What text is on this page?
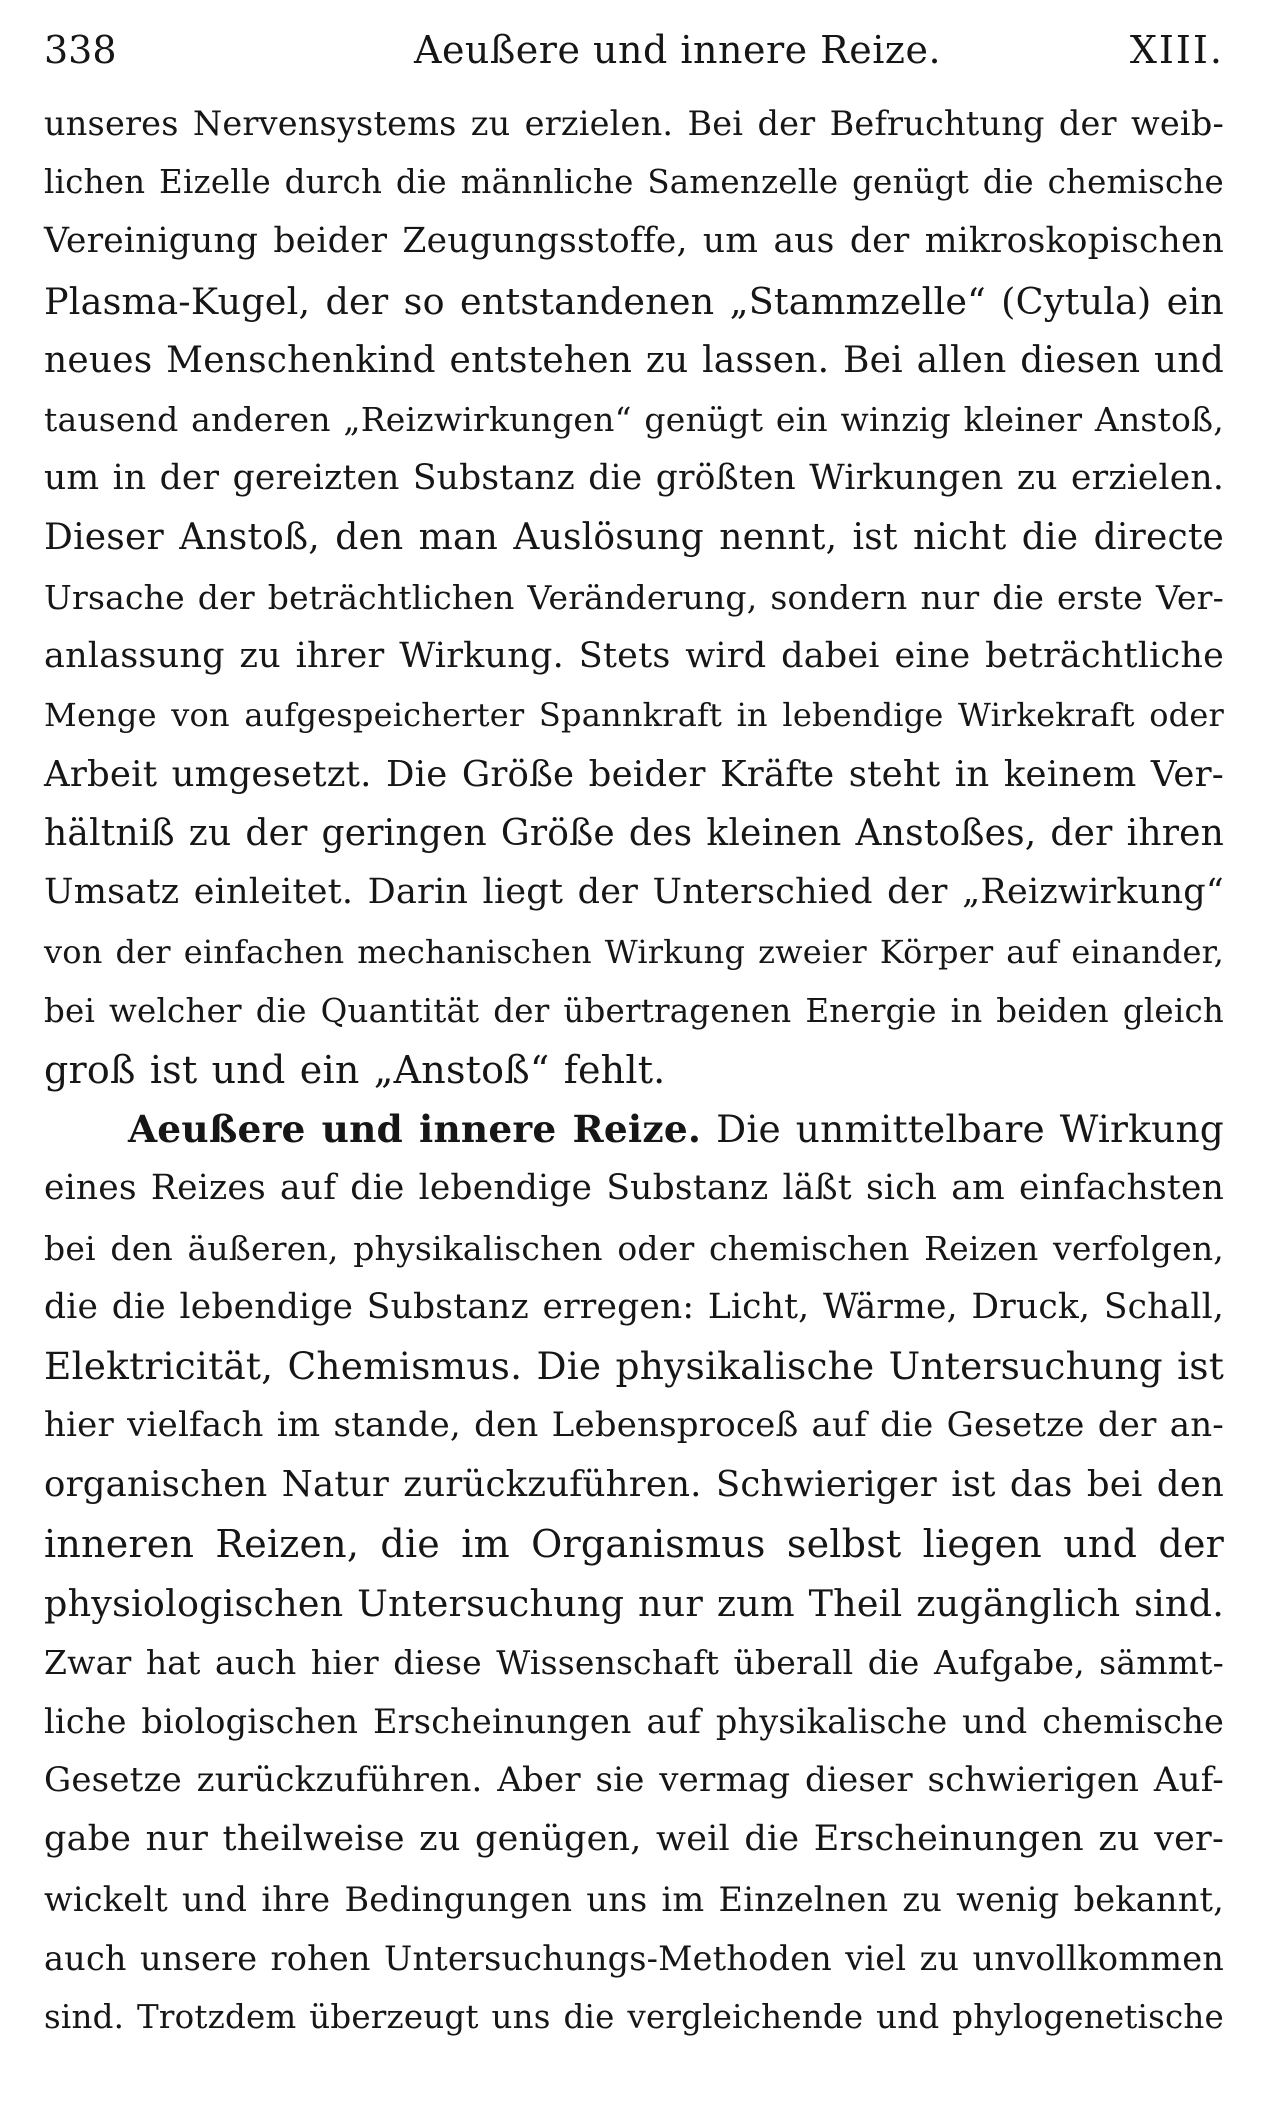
338	Aeußere und innere Reize.	XIII.
unseres Nervensystems zu erzielen. Bei der Befruchtung der weib-
lichen Eizelle durch die männliche Samenzelle genügt die chemische
Vereinigung beider Zeugungsstoffe, um aus der mikroskopischen
Plasma-Kugel, der so entstandenen „Stammzelle“ (Cytula) ein
neues Menschenkind entstehen zu lassen. Bei allen diesen und
tausend anderen „Reizwirkungen“ genügt ein winzig kleiner Anstoß,
um in der gereizten Substanz die größten Wirkungen zu erzielen.
Dieser Anstoß, den man Auslösung nennt, ist nicht die directe
Ursache der beträchtlichen Veränderung, sondern nur die erste Ver-
anlassung zu ihrer Wirkung. Stets wird dabei eine beträchtliche
Menge von aufgespeicherter Spannkraft in lebendige Wirkekraft oder
Arbeit umgesetzt. Die Größe beider Kräfte steht in keinem Ver-
hältniß zu der geringen Größe des kleinen Anstoßes, der ihren
Umsatz einleitet. Darin liegt der Unterschied der „Reizwirkung“
von der einfachen mechanischen Wirkung zweier Körper auf einander,
bei welcher die Quantität der übertragenen Energie in beiden gleich
groß ist und ein „Anstoß“ fehlt.
Aeußere und innere Reize. Die unmittelbare Wirkung
eines Reizes auf die lebendige Substanz läßt sich am einfachsten
bei den äußeren, physikalischen oder chemischen Reizen verfolgen,
die die lebendige Substanz erregen: Licht, Wärme, Druck, Schall,
Elektricität, Chemismus. Die physikalische Untersuchung ist
hier vielfach im stande, den Lebensproceß auf die Gesetze der an-
organischen Natur zurückzuführen. Schwieriger ist das bei den
inneren Reizen, die im Organismus selbst liegen und der
physiologischen Untersuchung nur zum Theil zugänglich sind.
Zwar hat auch hier diese Wissenschaft überall die Aufgabe, sämmt-
liche biologischen Erscheinungen auf physikalische und chemische
Gesetze zurückzuführen. Aber sie vermag dieser schwierigen Auf-
gabe nur theilweise zu genügen, weil die Erscheinungen zu ver-
wickelt und ihre Bedingungen uns im Einzelnen zu wenig bekannt,
auch unsere rohen Untersuchungs-Methoden viel zu unvollkommen
sind. Trotzdem überzeugt uns die vergleichende und phylogenetische
